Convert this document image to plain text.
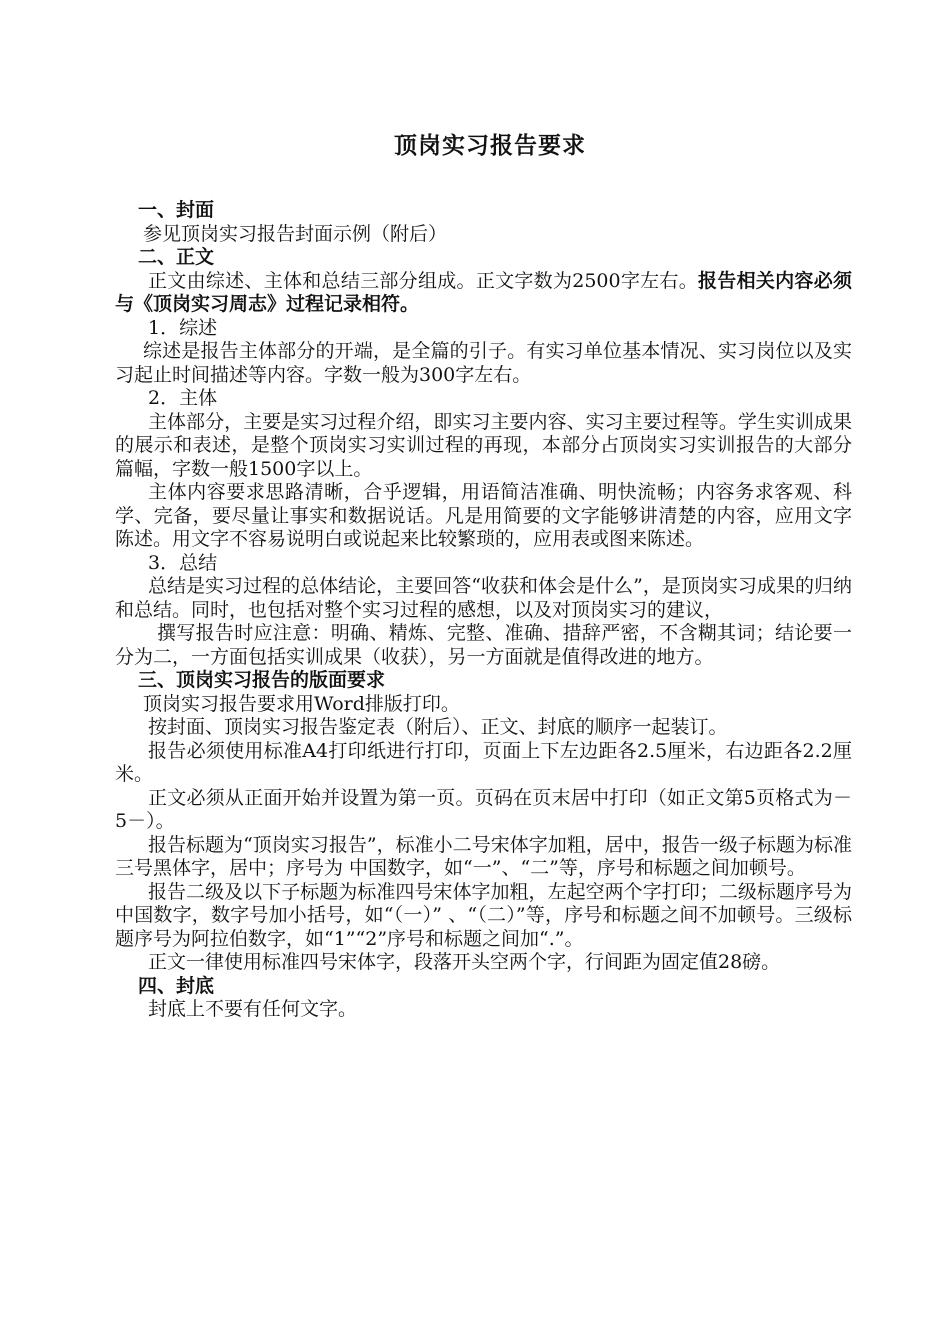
顶岗实习报告要求

一、封面

参见顶岗实习报告封面示例（附后）

二、正文

正文由综述、主体和总结三部分组成。正文字数为2500字左右。报告相关内容必须与《顶岗实习周志》过程记录相符。

1．综述

综述是报告主体部分的开端，是全篇的引子。有实习单位基本情况、实习岗位以及实习起止时间描述等内容。字数一般为300字左右。

2．主体

主体部分，主要是实习过程介绍，即实习主要内容、实习主要过程等。学生实训成果的展示和表述，是整个顶岗实习实训过程的再现，本部分占顶岗实习实训报告的大部分篇幅，字数一般1500字以上。

主体内容要求思路清晰，合乎逻辑，用语简洁准确、明快流畅；内容务求客观、科学、完备，要尽量让事实和数据说话。凡是用简要的文字能够讲清楚的内容，应用文字陈述。用文字不容易说明白或说起来比较繁琐的，应用表或图来陈述。

3．总结

总结是实习过程的总体结论，主要回答“收获和体会是什么”，是顶岗实习成果的归纳和总结。同时，也包括对整个实习过程的感想，以及对顶岗实习的建议，

撰写报告时应注意：明确、精炼、完整、准确、措辞严密，不含糊其词；结论要一分为二，一方面包括实训成果（收获），另一方面就是值得改进的地方。

三、顶岗实习报告的版面要求

顶岗实习报告要求用Word排版打印。

按封面、顶岗实习报告鉴定表（附后）、正文、封底的顺序一起装订。

报告必须使用标准A4打印纸进行打印，页面上下左边距各2.5厘米，右边距各2.2厘米。

正文必须从正面开始并设置为第一页。页码在页末居中打印（如正文第5页格式为－5－）。

报告标题为“顶岗实习报告”，标准小二号宋体字加粗，居中，报告一级子标题为标准三号黑体字，居中；序号为 中国数字，如“一”、“二”等，序号和标题之间加顿号。

报告二级及以下子标题为标准四号宋体字加粗，左起空两个字打印；二级标题序号为中国数字，数字号加小括号，如“（一）” 、“（二）”等，序号和标题之间不加顿号。三级标题序号为阿拉伯数字，如“1”“2”序号和标题之间加“.”。

正文一律使用标准四号宋体字，段落开头空两个字，行间距为固定值28磅。

四、封底

封底上不要有任何文字。
